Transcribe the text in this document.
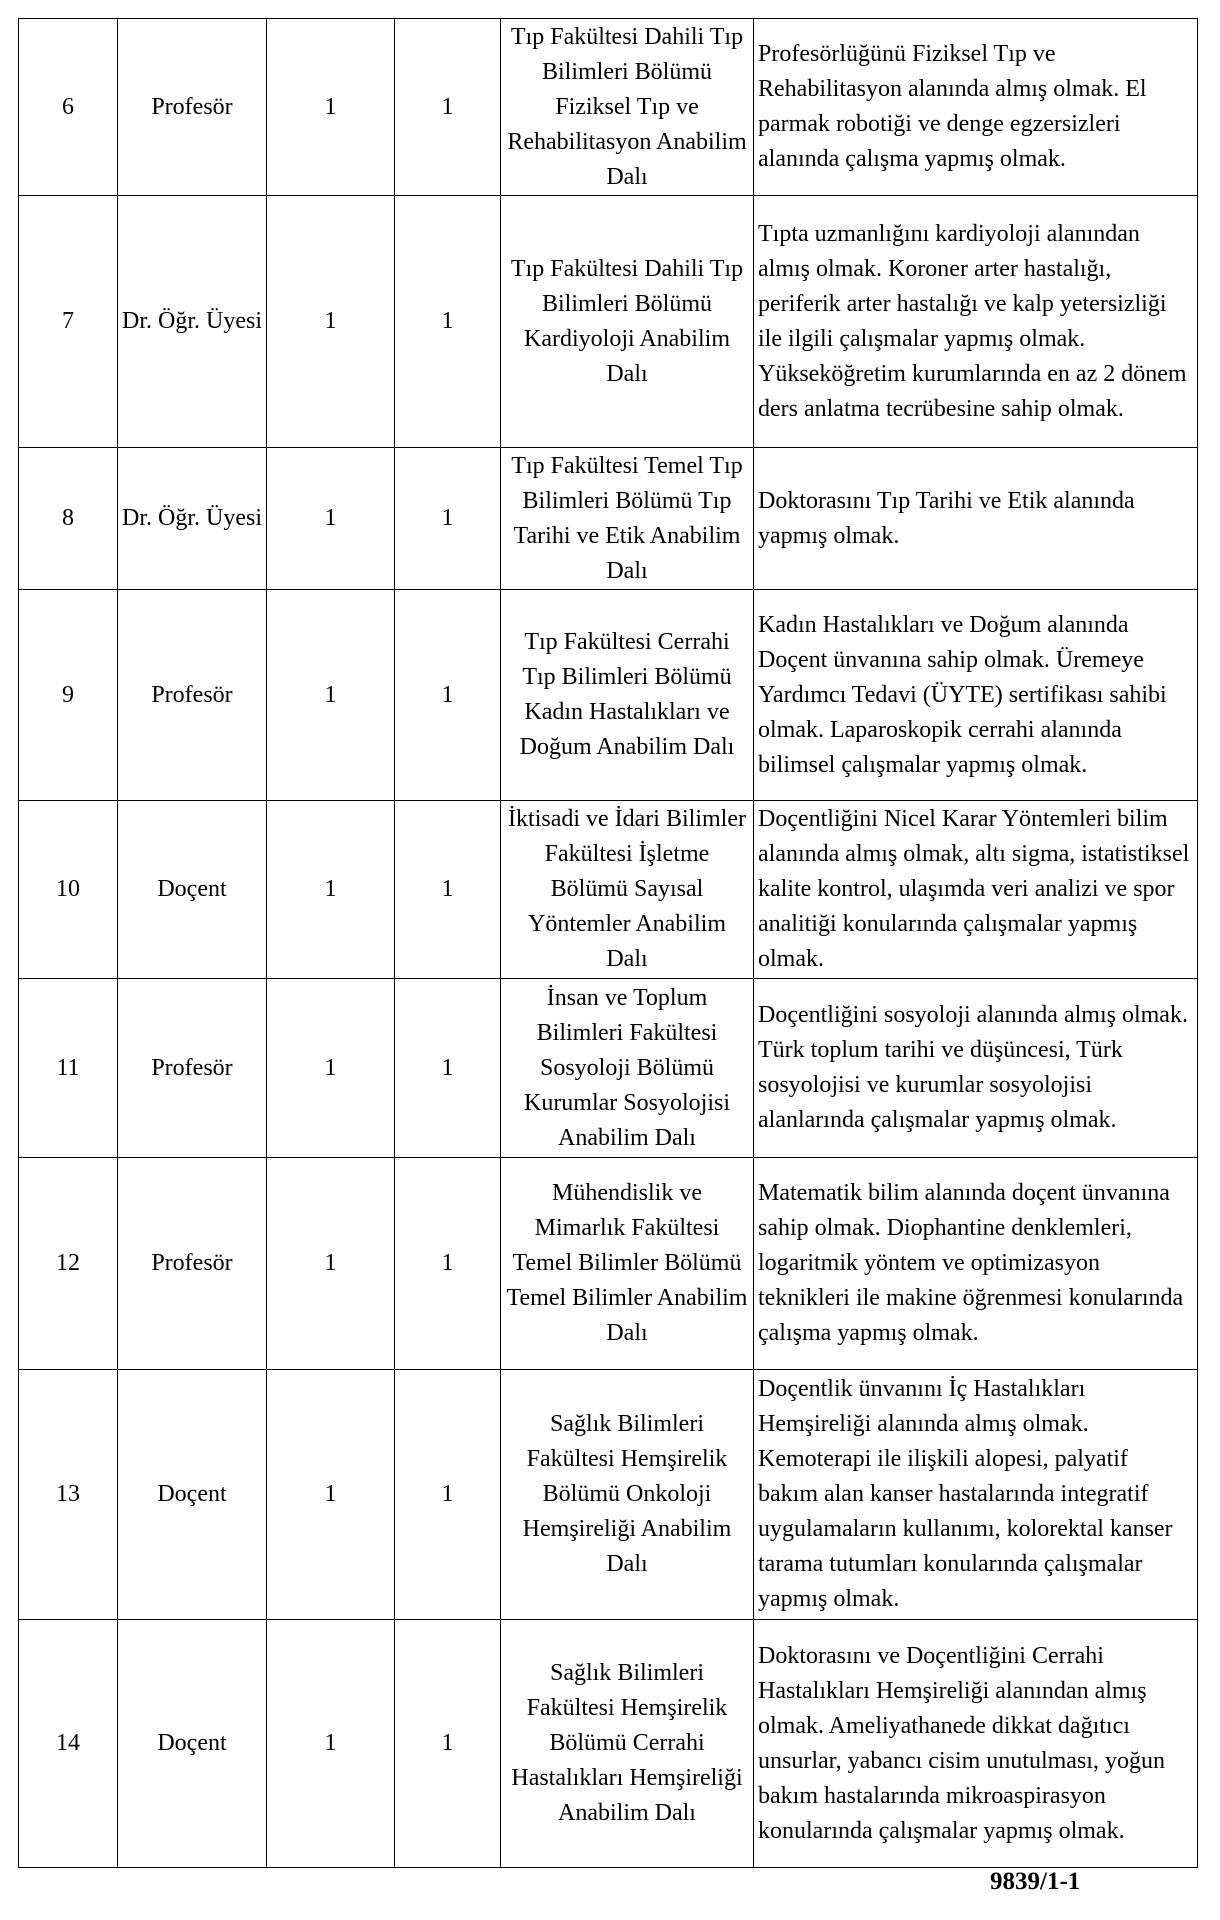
6	Profesör	1	1	Tıp Fakültesi Dahili Tıp Bilimleri Bölümü Fiziksel Tıp ve Rehabilitasyon Anabilim Dalı	Profesörlüğünü Fiziksel Tıp ve Rehabilitasyon alanında almış olmak. El parmak robotiği ve denge egzersizleri alanında çalışma yapmış olmak.
7	Dr. Öğr. Üyesi	1	1	Tıp Fakültesi Dahili Tıp Bilimleri Bölümü Kardiyoloji Anabilim Dalı	Tıpta uzmanlığını kardiyoloji alanından almış olmak. Koroner arter hastalığı, periferik arter hastalığı ve kalp yetersizliği ile ilgili çalışmalar yapmış olmak. Yükseköğretim kurumlarında en az 2 dönem ders anlatma tecrübesine sahip olmak.
8	Dr. Öğr. Üyesi	1	1	Tıp Fakültesi Temel Tıp Bilimleri Bölümü Tıp Tarihi ve Etik Anabilim Dalı	Doktorasını Tıp Tarihi ve Etik alanında yapmış olmak.
9	Profesör	1	1	Tıp Fakültesi Cerrahi Tıp Bilimleri Bölümü Kadın Hastalıkları ve Doğum Anabilim Dalı	Kadın Hastalıkları ve Doğum alanında Doçent ünvanına sahip olmak. Üremeye Yardımcı Tedavi (ÜYTE) sertifikası sahibi olmak. Laparoskopik cerrahi alanında bilimsel çalışmalar yapmış olmak.
10	Doçent	1	1	İktisadi ve İdari Bilimler Fakültesi İşletme Bölümü Sayısal Yöntemler Anabilim Dalı	Doçentliğini Nicel Karar Yöntemleri bilim alanında almış olmak, altı sigma, istatistiksel kalite kontrol, ulaşımda veri analizi ve spor analitiği konularında çalışmalar yapmış olmak.
11	Profesör	1	1	İnsan ve Toplum Bilimleri Fakültesi Sosyoloji Bölümü Kurumlar Sosyolojisi Anabilim Dalı	Doçentliğini sosyoloji alanında almış olmak. Türk toplum tarihi ve düşüncesi, Türk sosyolojisi ve kurumlar sosyolojisi alanlarında çalışmalar yapmış olmak.
12	Profesör	1	1	Mühendislik ve Mimarlık Fakültesi Temel Bilimler Bölümü Temel Bilimler Anabilim Dalı	Matematik bilim alanında doçent ünvanına sahip olmak. Diophantine denklemleri, logaritmik yöntem ve optimizasyon teknikleri ile makine öğrenmesi konularında çalışma yapmış olmak.
13	Doçent	1	1	Sağlık Bilimleri Fakültesi Hemşirelik Bölümü Onkoloji Hemşireliği Anabilim Dalı	Doçentlik ünvanını İç Hastalıkları Hemşireliği alanında almış olmak. Kemoterapi ile ilişkili alopesi, palyatif bakım alan kanser hastalarında integratif uygulamaların kullanımı, kolorektal kanser tarama tutumları konularında çalışmalar yapmış olmak.
14	Doçent	1	1	Sağlık Bilimleri Fakültesi Hemşirelik Bölümü Cerrahi Hastalıkları Hemşireliği Anabilim Dalı	Doktorasını ve Doçentliğini Cerrahi Hastalıkları Hemşireliği alanından almış olmak. Ameliyathanede dikkat dağıtıcı unsurlar, yabancı cisim unutulması, yoğun bakım hastalarında mikroaspirasyon konularında çalışmalar yapmış olmak.
9839/1-1
